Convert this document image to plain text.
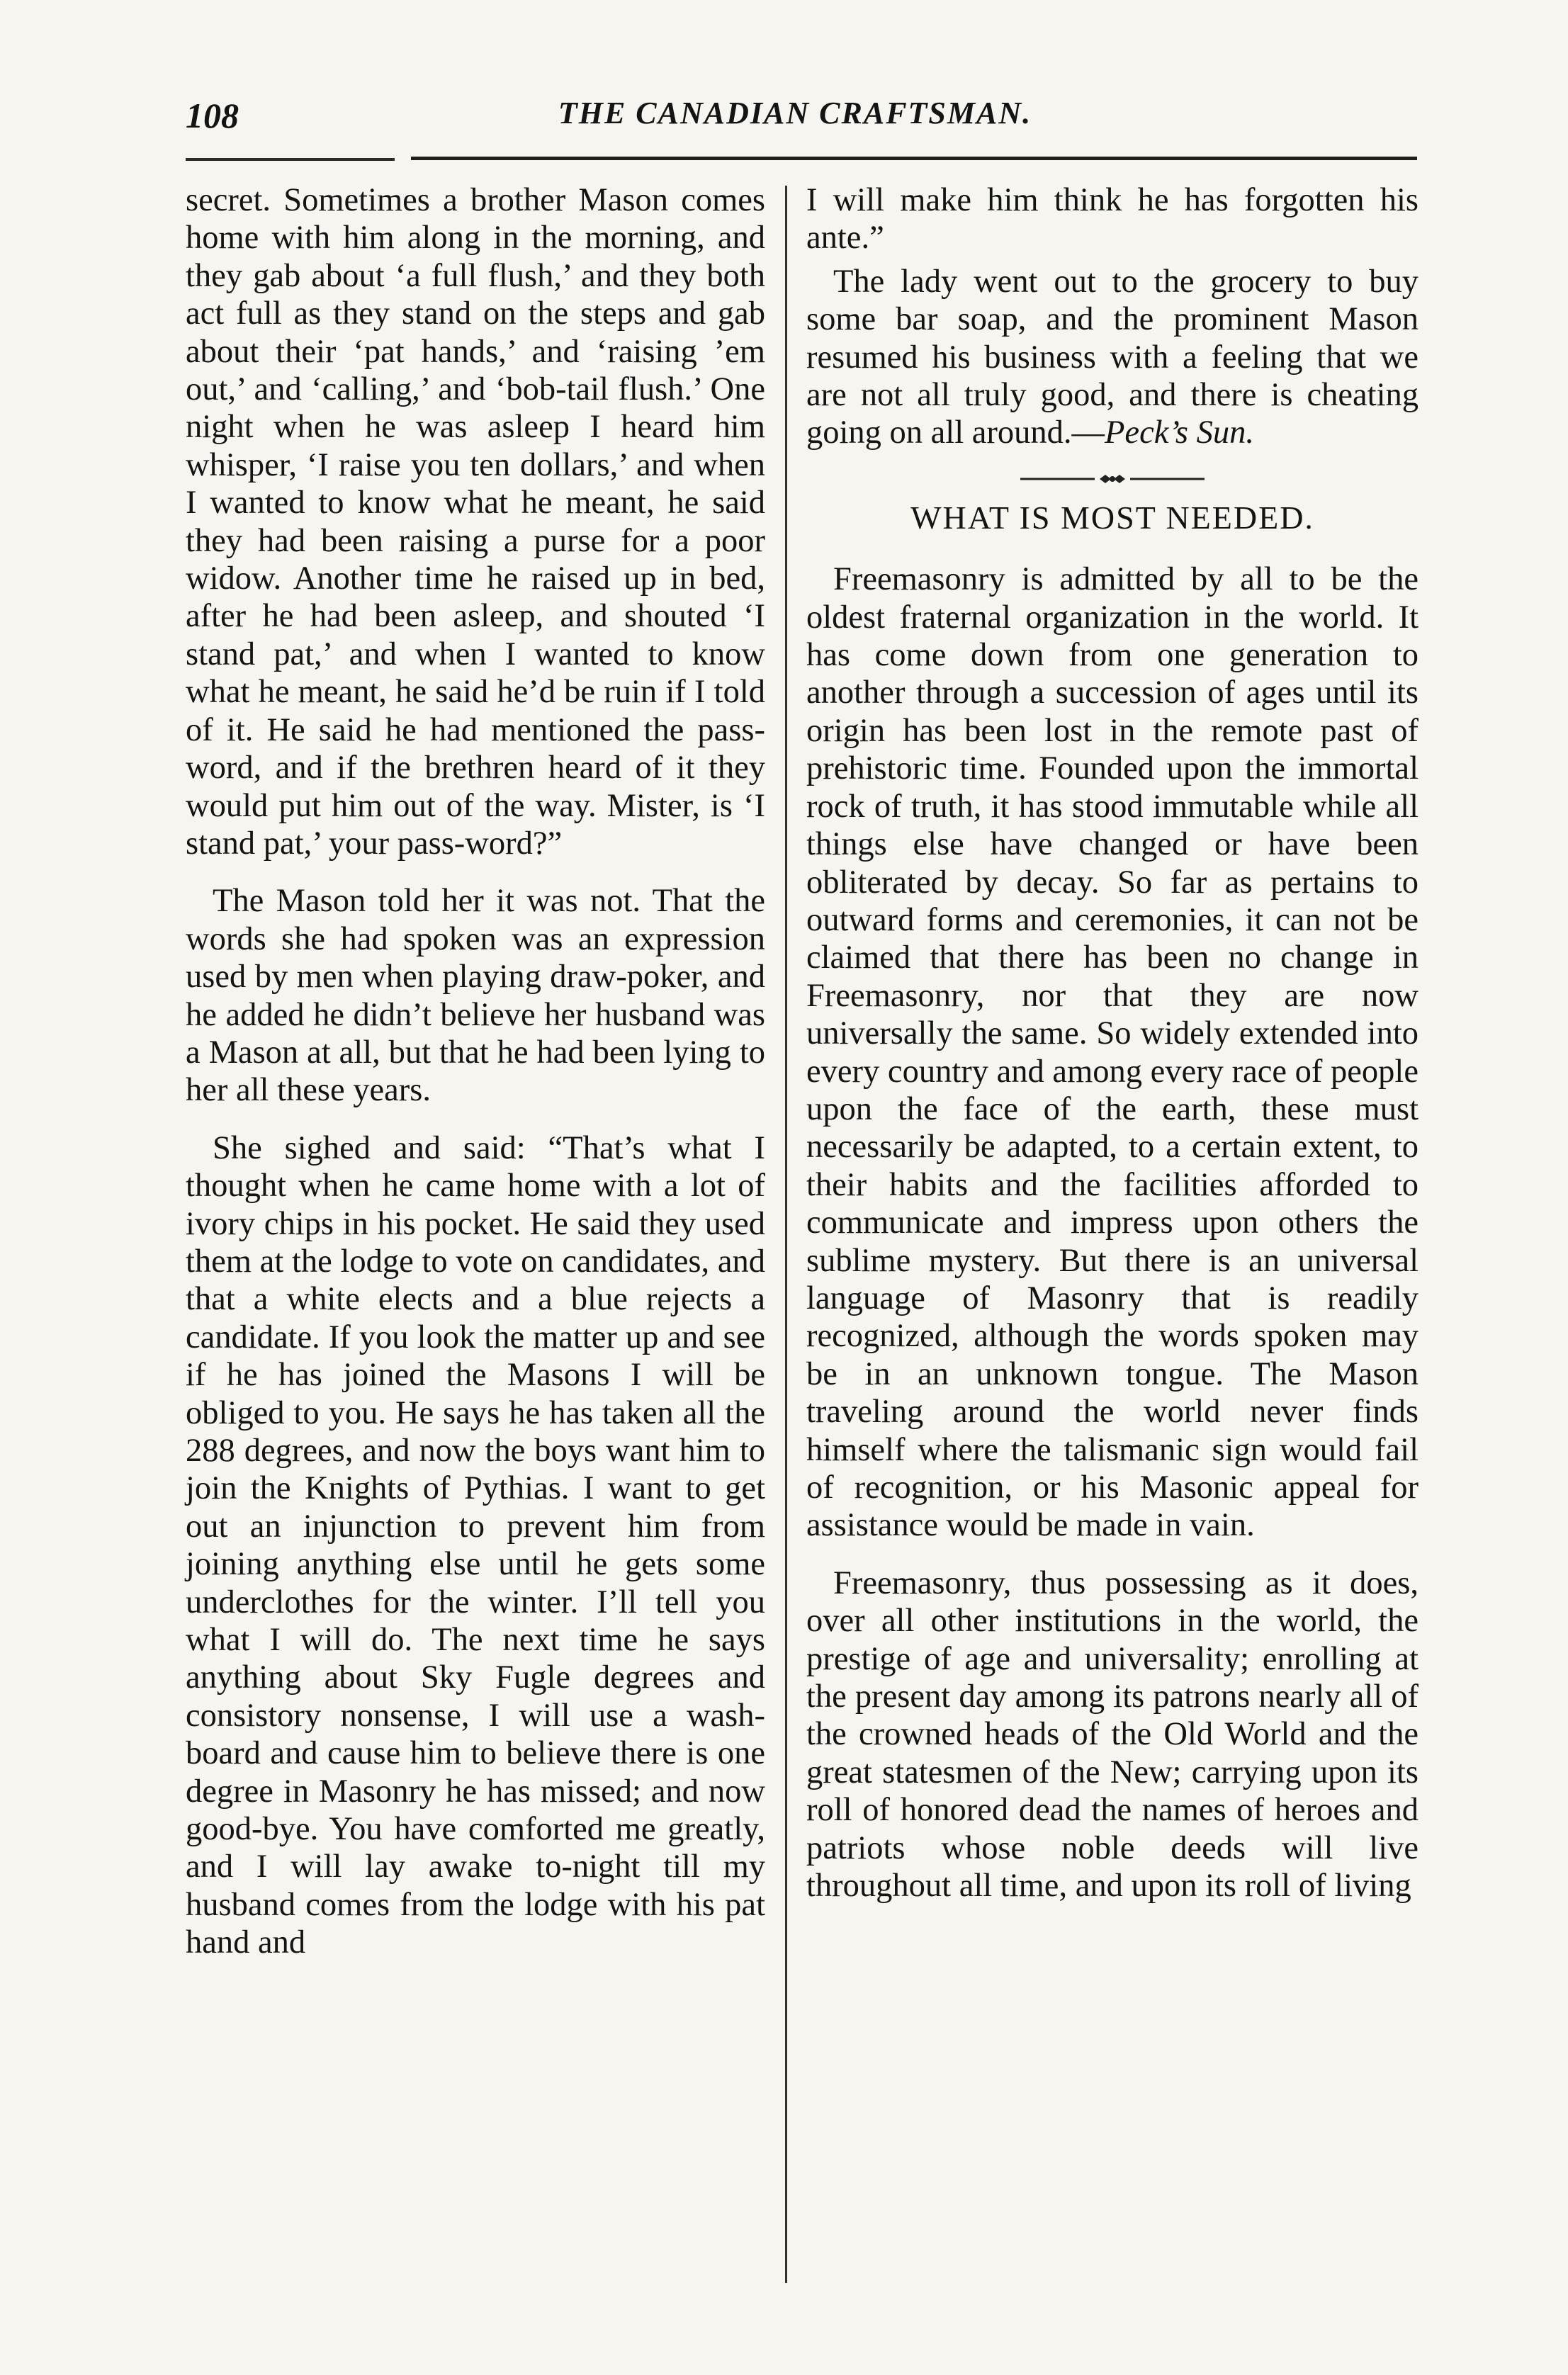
108	THE CANADIAN CRAFTSMAN.

secret. Sometimes a brother Mason comes home with him along in the morning, and they gab about ‘a full flush,’ and they both act full as they stand on the steps and gab about their ‘pat hands,’ and ‘raising ’em out,’ and ‘calling,’ and ‘bob-tail flush.’ One night when he was asleep I heard him whisper, ‘I raise you ten dollars,’ and when I wanted to know what he meant, he said they had been raising a purse for a poor widow. Another time he raised up in bed, after he had been asleep, and shouted ‘I stand pat,’ and when I wanted to know what he meant, he said he’d be ruin if I told of it. He said he had mentioned the pass-word, and if the brethren heard of it they would put him out of the way. Mister, is ‘I stand pat,’ your pass-word?”

The Mason told her it was not. That the words she had spoken was an expression used by men when playing draw-poker, and he added he didn’t believe her husband was a Mason at all, but that he had been lying to her all these years.

She sighed and said: “That’s what I thought when he came home with a lot of ivory chips in his pocket. He said they used them at the lodge to vote on candidates, and that a white elects and a blue rejects a candidate. If you look the matter up and see if he has joined the Masons I will be obliged to you. He says he has taken all the 288 degrees, and now the boys want him to join the Knights of Pythias. I want to get out an injunction to prevent him from joining anything else until he gets some underclothes for the winter. I’ll tell you what I will do. The next time he says anything about Sky Fugle degrees and consistory nonsense, I will use a wash-board and cause him to believe there is one degree in Masonry he has missed; and now good-bye. You have comforted me greatly, and I will lay awake to-night till my husband comes from the lodge with his pat hand and

I will make him think he has forgotten his ante.”

The lady went out to the grocery to buy some bar soap, and the prominent Mason resumed his business with a feeling that we are not all truly good, and there is cheating going on all around.—Peck’s Sun.

WHAT IS MOST NEEDED.

Freemasonry is admitted by all to be the oldest fraternal organization in the world. It has come down from one generation to another through a succession of ages until its origin has been lost in the remote past of prehistoric time. Founded upon the immortal rock of truth, it has stood immutable while all things else have changed or have been obliterated by decay. So far as pertains to outward forms and ceremonies, it can not be claimed that there has been no change in Freemasonry, nor that they are now universally the same. So widely extended into every country and among every race of people upon the face of the earth, these must necessarily be adapted, to a certain extent, to their habits and the facilities afforded to communicate and impress upon others the sublime mystery. But there is an universal language of Masonry that is readily recognized, although the words spoken may be in an unknown tongue. The Mason traveling around the world never finds himself where the talismanic sign would fail of recognition, or his Masonic appeal for assistance would be made in vain.

Freemasonry, thus possessing as it does, over all other institutions in the world, the prestige of age and universality; enrolling at the present day among its patrons nearly all of the crowned heads of the Old World and the great statesmen of the New; carrying upon its roll of honored dead the names of heroes and patriots whose noble deeds will live throughout all time, and upon its roll of living
